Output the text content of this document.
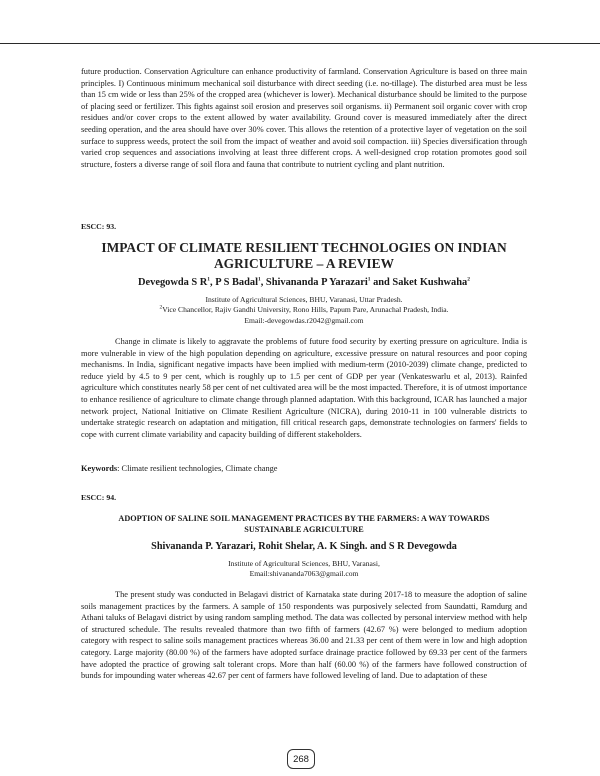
future production. Conservation Agriculture can enhance productivity of farmland. Conservation Agriculture is based on three main principles. I) Continuous minimum mechanical soil disturbance with direct seeding (i.e. no-tillage). The disturbed area must be less than 15 cm wide or less than 25% of the cropped area (whichever is lower). Mechanical disturbance should be limited to the purpose of placing seed or fertilizer. This fights against soil erosion and preserves soil organisms. ii) Permanent soil organic cover with crop residues and/or cover crops to the extent allowed by water availability. Ground cover is measured immediately after the direct seeding operation, and the area should have over 30% cover. This allows the retention of a protective layer of vegetation on the soil surface to suppress weeds, protect the soil from the impact of weather and avoid soil compaction. iii) Species diversification through varied crop sequences and associations involving at least three different crops. A well-designed crop rotation promotes good soil structure, fosters a diverse range of soil flora and fauna that contribute to nutrient cycling and plant nutrition.

ESCC: 93.

IMPACT OF CLIMATE RESILIENT TECHNOLOGIES ON INDIAN

AGRICULTURE – A REVIEW

Devegowda S $R^1$, P S Badal$^1$, Shivananda P Yarazari$^1$ and Saket Kushwaha$^2$

Institute of Agricultural Sciences, BHU, Varanasi, Uttar Pradesh.

$^2$Vice Chancellor, Rajiv Gandhi University, Rono Hills, Papum Pare, Arunachal Pradesh, India.

Email:-devegowdas.r2042@gmail.com

Change in climate is likely to aggravate the problems of future food security by exerting pressure on agriculture. India is more vulnerable in view of the high population depending on agriculture, excessive pressure on natural resources and poor coping mechanisms. In India, significant negative impacts have been implied with medium-term (2010-2039) climate change, predicted to reduce yield by 4.5 to 9 per cent, which is roughly up to 1.5 per cent of GDP per year (Venkateswarlu et al, 2013). Rainfed agriculture which constitutes nearly 58 per cent of net cultivated area will be the most impacted. Therefore, it is of utmost importance to enhance resilience of agriculture to climate change through planned adaptation. With this background, ICAR has launched a major network project, National Initiative on Climate Resilient Agriculture (NICRA), during 2010-11 in 100 vulnerable districts to undertake strategic research on adaptation and mitigation, fill critical research gaps, demonstrate technologies on farmers' fields to cope with current climate variability and capacity building of different stakeholders.

Keywords: Climate resilient technologies, Climate change

ESCC: 94.

ADOPTION OF SALINE SOIL MANAGEMENT PRACTICES BY THE FARMERS: A WAY TOWARDS

SUSTAINABLE AGRICULTURE

Shivananda P. Yarazari, Rohit Shelar, A. K Singh. and S R Devegowda

Institute of Agricultural Sciences, BHU, Varanasi,

Email:shivananda7063@gmail.com

The present study was conducted in Belagavi district of Karnataka state during 2017-18 to measure the adoption of saline soils management practices by the farmers. A sample of 150 respondents was purposively selected from Saundatti, Ramdurg and Athani taluks of Belagavi district by using random sampling method. The data was collected by personal interview method with help of structured schedule. The results revealed thatmore than two fifth of farmers (42.67 %) were belonged to medium adoption category with respect to saline soils management practices whereas 36.00 and 21.33 per cent of them were in low and high adoption category. Large majority (80.00 %) of the farmers have adopted surface drainage practice followed by 69.33 per cent of the farmers have adopted the practice of growing salt tolerant crops. More than half (60.00 %) of the farmers have followed construction of bunds for impounding water whereas 42.67 per cent of farmers have followed leveling of land. Due to adaptation of these

268
